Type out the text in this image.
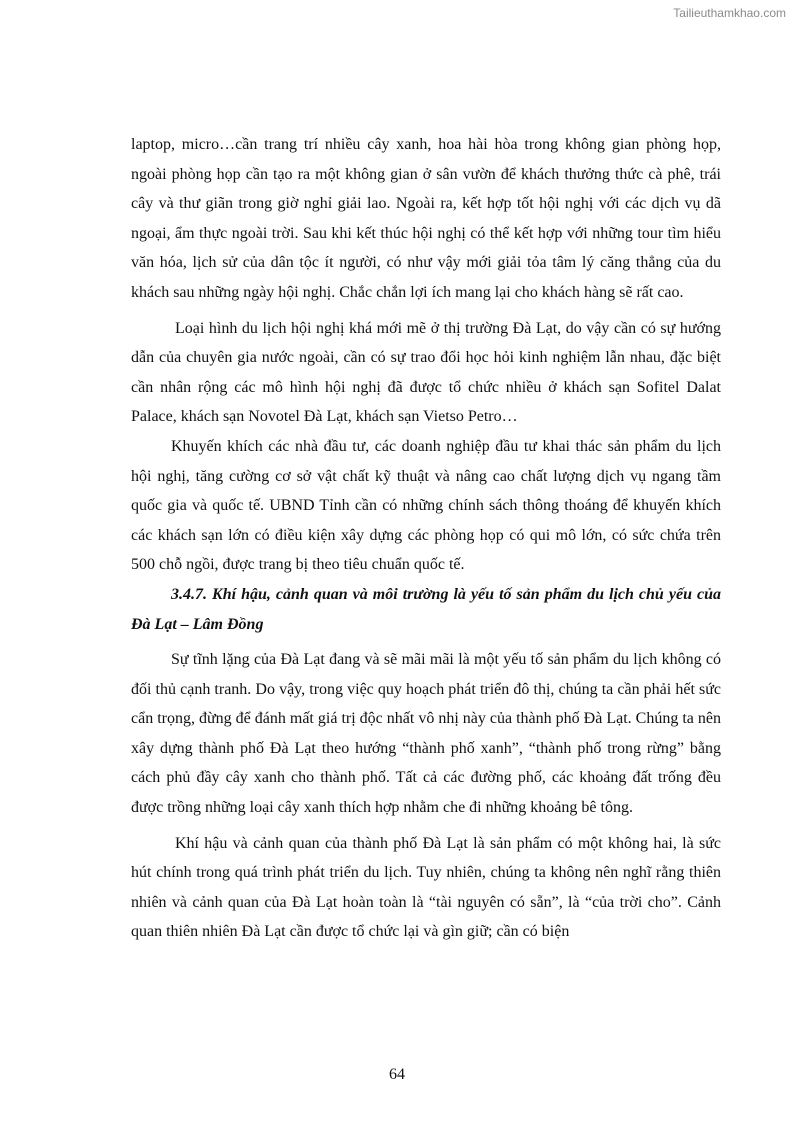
Tailieuthamkhao.com

laptop, micro…cần trang trí nhiều cây xanh, hoa hài hòa trong không gian phòng họp, ngoài phòng họp cần tạo ra một không gian ở sân vườn để khách thưởng thức cà phê, trái cây và thư giãn trong giờ nghỉ giải lao. Ngoài ra, kết hợp tốt hội nghị với các dịch vụ dã ngoại, ẩm thực ngoài trời. Sau khi kết thúc hội nghị có thể kết hợp với những tour tìm hiểu văn hóa, lịch sử của dân tộc ít người, có như vậy mới giải tỏa tâm lý căng thẳng của du khách sau những ngày hội nghị. Chắc chắn lợi ích mang lại cho khách hàng sẽ rất cao.

Loại hình du lịch hội nghị khá mới mẽ ở thị trường Đà Lạt, do vậy cần có sự hướng dẫn của chuyên gia nước ngoài, cần có sự trao đổi học hỏi kinh nghiệm lẫn nhau, đặc biệt cần nhân rộng các mô hình hội nghị đã được tổ chức nhiều ở khách sạn Sofitel Dalat Palace, khách sạn Novotel Đà Lạt, khách sạn Vietso Petro…

Khuyến khích các nhà đầu tư, các doanh nghiệp đầu tư khai thác sản phẩm du lịch hội nghị, tăng cường cơ sở vật chất kỹ thuật và nâng cao chất lượng dịch vụ ngang tầm quốc gia và quốc tế. UBND Tỉnh cần có những chính sách thông thoáng để khuyến khích các khách sạn lớn có điều kiện xây dựng các phòng họp có qui mô lớn, có sức chứa trên 500 chỗ ngồi, được trang bị theo tiêu chuẩn quốc tế.

3.4.7. Khí hậu, cảnh quan và môi trường là yếu tố sản phẩm du lịch chủ yếu của Đà Lạt – Lâm Đồng

Sự tĩnh lặng của Đà Lạt đang và sẽ mãi mãi là một yếu tố sản phẩm du lịch không có đối thủ cạnh tranh. Do vậy, trong việc quy hoạch phát triển đô thị, chúng ta cần phải hết sức cẩn trọng, đừng để đánh mất giá trị độc nhất vô nhị này của thành phố Đà Lạt. Chúng ta nên xây dựng thành phố Đà Lạt theo hướng “thành phố xanh”, “thành phố trong rừng” bằng cách phủ đầy cây xanh cho thành phố. Tất cả các đường phố, các khoảng đất trống đều được trồng những loại cây xanh thích hợp nhằm che đi những khoảng bê tông.

Khí hậu và cảnh quan của thành phố Đà Lạt là sản phẩm có một không hai, là sức hút chính trong quá trình phát triển du lịch. Tuy nhiên, chúng ta không nên nghĩ rằng thiên nhiên và cảnh quan của Đà Lạt hoàn toàn là “tài nguyên có sẵn”, là “của trời cho”. Cảnh quan thiên nhiên Đà Lạt cần được tổ chức lại và gìn giữ; cần có biện

64
